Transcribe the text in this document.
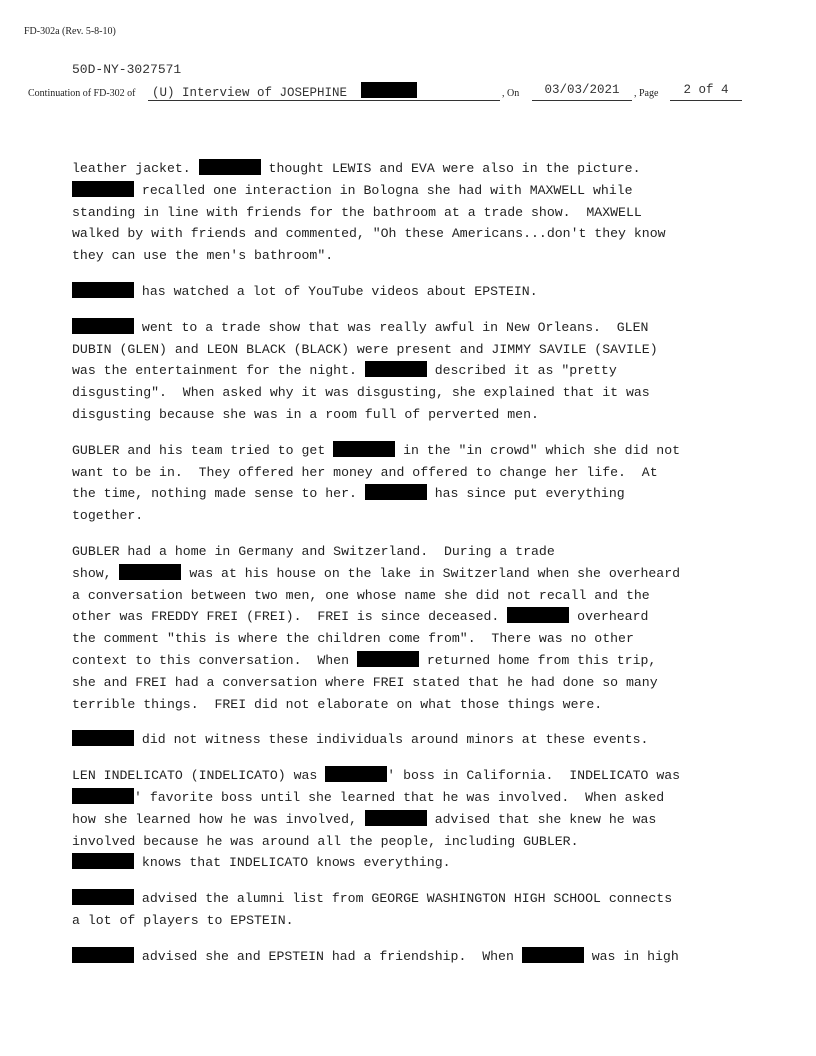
FD-302a (Rev. 5-8-10)
50D-NY-3027571
Continuation of FD-302 of	(U) Interview of JOSEPHINE	, On	03/03/2021	, Page	2 of 4

leather jacket.	thought LEWIS and EVA were also in the picture.
recalled one interaction in Bologna she had with MAXWELL while
standing in line with friends for the bathroom at a trade show.  MAXWELL
walked by with friends and commented, "Oh these Americans...don't they know
they can use the men's bathroom".

has watched a lot of YouTube videos about EPSTEIN.

went to a trade show that was really awful in New Orleans.  GLEN
DUBIN (GLEN) and LEON BLACK (BLACK) were present and JIMMY SAVILE (SAVILE)
was the entertainment for the night.	described it as "pretty
disgusting".  When asked why it was disgusting, she explained that it was
disgusting because she was in a room full of perverted men.

GUBLER and his team tried to get	in the "in crowd" which she did not
want to be in.  They offered her money and offered to change her life.  At
the time, nothing made sense to her.	has since put everything
together.

GUBLER had a home in Germany and Switzerland.  During a trade
show,	was at his house on the lake in Switzerland when she overheard
a conversation between two men, one whose name she did not recall and the
other was FREDDY FREI (FREI).  FREI is since deceased.	overheard
the comment "this is where the children come from".  There was no other
context to this conversation.  When	returned home from this trip,
she and FREI had a conversation where FREI stated that he had done so many
terrible things.  FREI did not elaborate on what those things were.

did not witness these individuals around minors at these events.

LEN INDELICATO (INDELICATO) was	' boss in California.  INDELICATO was
' favorite boss until she learned that he was involved.  When asked
how she learned how he was involved,	advised that she knew he was
involved because he was around all the people, including GUBLER.
knows that INDELICATO knows everything.

advised the alumni list from GEORGE WASHINGTON HIGH SCHOOL connects
a lot of players to EPSTEIN.

advised she and EPSTEIN had a friendship.  When	was in high
